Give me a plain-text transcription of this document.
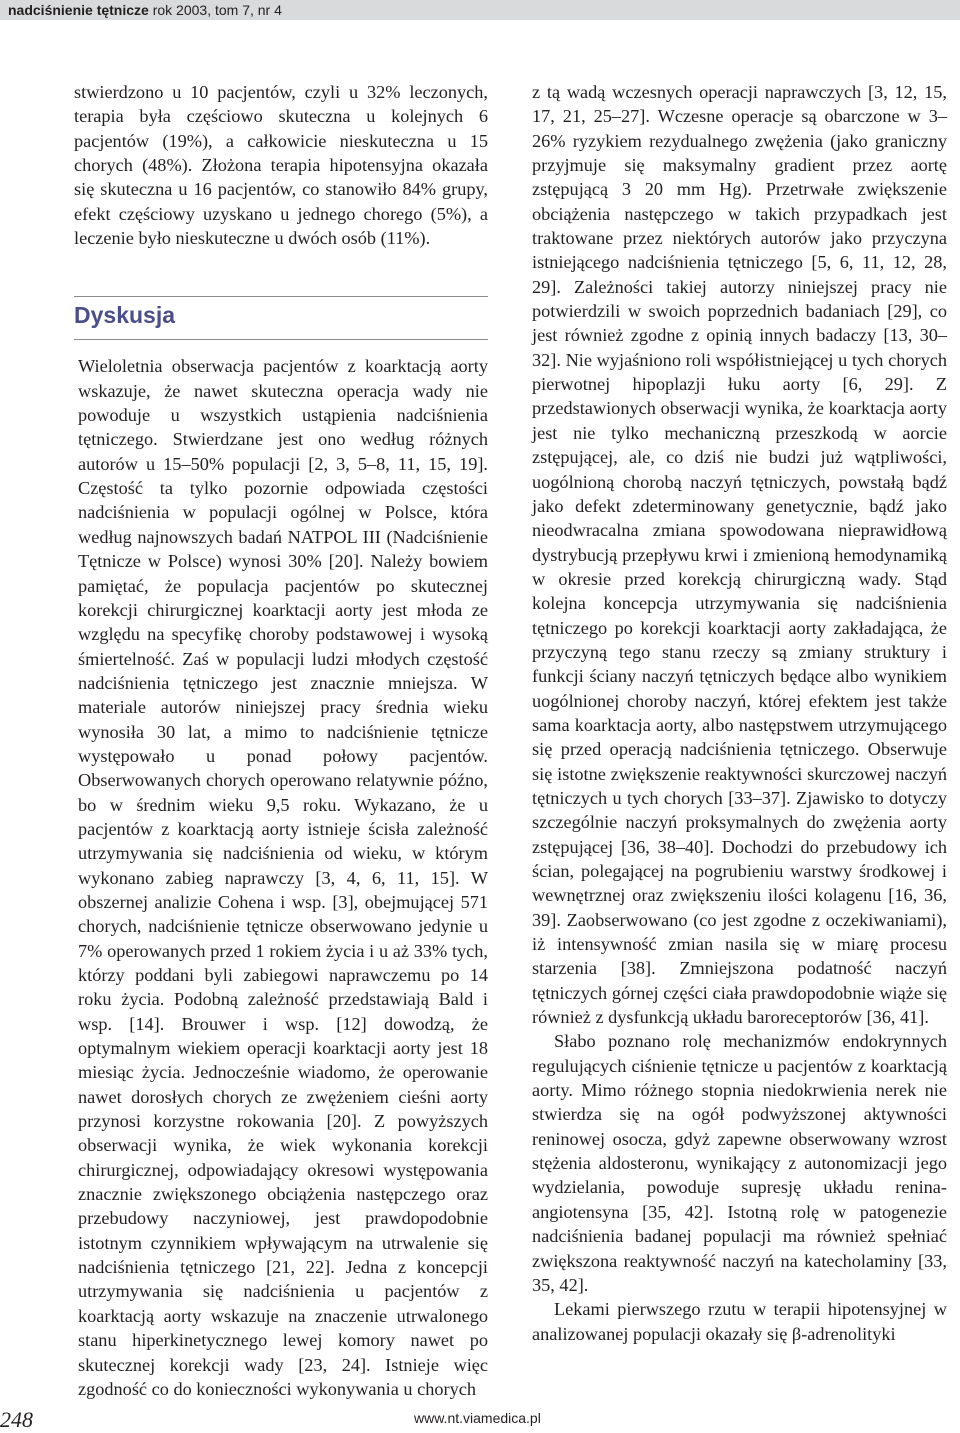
nadciśnienie tętnicze rok 2003, tom 7, nr 4

stwierdzono u 10 pacjentów, czyli u 32% leczonych, terapia była częściowo skuteczna u kolejnych 6 pacjentów (19%), a całkowicie nieskuteczna u 15 chorych (48%). Złożona terapia hipotensyjna okazała się skuteczna u 16 pacjentów, co stanowiło 84% grupy, efekt częściowy uzyskano u jednego chorego (5%), a leczenie było nieskuteczne u dwóch osób (11%).

Dyskusja

Wieloletnia obserwacja pacjentów z koarktacją aorty wskazuje, że nawet skuteczna operacja wady nie powoduje u wszystkich ustąpienia nadciśnienia tętniczego. Stwierdzane jest ono według różnych autorów u 15–50% populacji [2, 3, 5–8, 11, 15, 19]. Częstość ta tylko pozornie odpowiada częstości nadciśnienia w populacji ogólnej w Polsce, która według najnowszych badań NATPOL III (Nadciśnienie Tętnicze w Polsce) wynosi 30% [20]. Należy bowiem pamiętać, że populacja pacjentów po skutecznej korekcji chirurgicznej koarktacji aorty jest młoda ze względu na specyfikę choroby podstawowej i wysoką śmiertelność. Zaś w populacji ludzi młodych częstość nadciśnienia tętniczego jest znacznie mniejsza. W materiale autorów niniejszej pracy średnia wieku wynosiła 30 lat, a mimo to nadciśnienie tętnicze występowało u ponad połowy pacjentów. Obserwowanych chorych operowano relatywnie późno, bo w średnim wieku 9,5 roku. Wykazano, że u pacjentów z koarktacją aorty istnieje ścisła zależność utrzymywania się nadciśnienia od wieku, w którym wykonano zabieg naprawczy [3, 4, 6, 11, 15]. W obszernej analizie Cohena i wsp. [3], obejmującej 571 chorych, nadciśnienie tętnicze obserwowano jedynie u 7% operowanych przed 1 rokiem życia i u aż 33% tych, którzy poddani byli zabiegowi naprawczemu po 14 roku życia. Podobną zależność przedstawiają Bald i wsp. [14]. Brouwer i wsp. [12] dowodzą, że optymalnym wiekiem operacji koarktacji aorty jest 18 miesiąc życia. Jednocześnie wiadomo, że operowanie nawet dorosłych chorych ze zwężeniem cieśni aorty przynosi korzystne rokowania [20]. Z powyższych obserwacji wynika, że wiek wykonania korekcji chirurgicznej, odpowiadający okresowi występowania znacznie zwiększonego obciążenia następczego oraz przebudowy naczyniowej, jest prawdopodobnie istotnym czynnikiem wpływającym na utrwalenie się nadciśnienia tętniczego [21, 22]. Jedna z koncepcji utrzymywania się nadciśnienia u pacjentów z koarktacją aorty wskazuje na znaczenie utrwalonego stanu hiperkinetycznego lewej komory nawet po skutecznej korekcji wady [23, 24]. Istnieje więc zgodność co do konieczności wykonywania u chorych

z tą wadą wczesnych operacji naprawczych [3, 12, 15, 17, 21, 25–27]. Wczesne operacje są obarczone w 3–26% ryzykiem rezydualnego zwężenia (jako graniczny przyjmuje się maksymalny gradient przez aortę zstępującą 3 20 mm Hg). Przetrwałe zwiększenie obciążenia następczego w takich przypadkach jest traktowane przez niektórych autorów jako przyczyna istniejącego nadciśnienia tętniczego [5, 6, 11, 12, 28, 29]. Zależności takiej autorzy niniejszej pracy nie potwierdzili w swoich poprzednich badaniach [29], co jest również zgodne z opinią innych badaczy [13, 30–32]. Nie wyjaśniono roli współistniejącej u tych chorych pierwotnej hipoplazji łuku aorty [6, 29]. Z przedstawionych obserwacji wynika, że koarktacja aorty jest nie tylko mechaniczną przeszkodą w aorcie zstępującej, ale, co dziś nie budzi już wątpliwości, uogólnioną chorobą naczyń tętniczych, powstałą bądź jako defekt zdeterminowany genetycznie, bądź jako nieodwracalna zmiana spowodowana nieprawidłową dystrybucją przepływu krwi i zmienioną hemodynamiką w okresie przed korekcją chirurgiczną wady. Stąd kolejna koncepcja utrzymywania się nadciśnienia tętniczego po korekcji koarktacji aorty zakładająca, że przyczyną tego stanu rzeczy są zmiany struktury i funkcji ściany naczyń tętniczych będące albo wynikiem uogólnionej choroby naczyń, której efektem jest także sama koarktacja aorty, albo następstwem utrzymującego się przed operacją nadciśnienia tętniczego. Obserwuje się istotne zwiększenie reaktywności skurczowej naczyń tętniczych u tych chorych [33–37]. Zjawisko to dotyczy szczególnie naczyń proksymalnych do zwężenia aorty zstępującej [36, 38–40]. Dochodzi do przebudowy ich ścian, polegającej na pogrubieniu warstwy środkowej i wewnętrznej oraz zwiększeniu ilości kolagenu [16, 36, 39]. Zaobserwowano (co jest zgodne z oczekiwaniami), iż intensywność zmian nasila się w miarę procesu starzenia [38]. Zmniejszona podatność naczyń tętniczych górnej części ciała prawdopodobnie wiąże się również z dysfunkcją układu baroreceptorów [36, 41].

Słabo poznano rolę mechanizmów endokrynnych regulujących ciśnienie tętnicze u pacjentów z koarktacją aorty. Mimo różnego stopnia niedokrwienia nerek nie stwierdza się na ogół podwyższonej aktywności reninowej osocza, gdyż zapewne obserwowany wzrost stężenia aldosteronu, wynikający z autonomizacji jego wydzielania, powoduje supresję układu renina-angiotensyna [35, 42]. Istotną rolę w patogenezie nadciśnienia badanej populacji ma również spełniać zwiększona reaktywność naczyń na katecholaminy [33, 35, 42].

Lekami pierwszego rzutu w terapii hipotensyjnej w analizowanej populacji okazały się β-adrenolityki

248	www.nt.viamedica.pl
